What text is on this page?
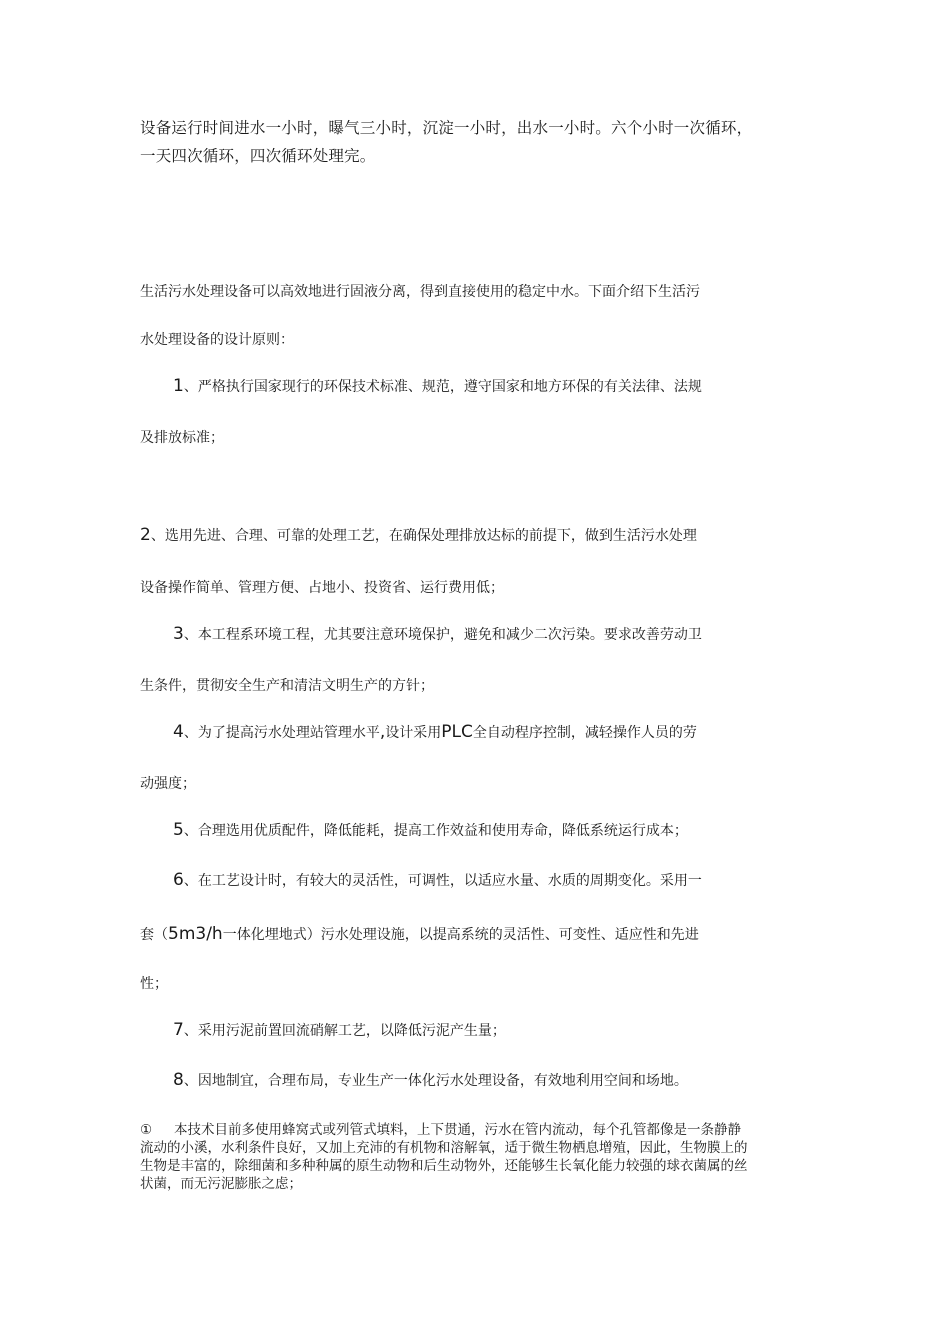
设备运行时间进水一小时，曝气三小时，沉淀一小时，出水一小时。六个小时一次循环，
一天四次循环，四次循环处理完。
生活污水处理设备可以高效地进行固液分离，得到直接使用的稳定中水。下面介绍下生活污
水处理设备的设计原则：
1、严格执行国家现行的环保技术标准、规范，遵守国家和地方环保的有关法律、法规
及排放标准；
2、选用先进、合理、可靠的处理工艺，在确保处理排放达标的前提下，做到生活污水处理
设备操作简单、管理方便、占地小、投资省、运行费用低；
3、本工程系环境工程，尤其要注意环境保护，避免和减少二次污染。要求改善劳动卫
生条件，贯彻安全生产和清洁文明生产的方针；
4、为了提高污水处理站管理水平,设计采用PLC全自动程序控制，减轻操作人员的劳
动强度；
5、合理选用优质配件，降低能耗，提高工作效益和使用寿命，降低系统运行成本；
6、在工艺设计时，有较大的灵活性，可调性，以适应水量、水质的周期变化。采用一
套（5m3/h一体化埋地式）污水处理设施，以提高系统的灵活性、可变性、适应性和先进
性；
7、采用污泥前置回流硝解工艺，以降低污泥产生量；
8、因地制宜，合理布局，专业生产一体化污水处理设备，有效地利用空间和场地。
① 本技术目前多使用蜂窝式或列管式填料，上下贯通，污水在管内流动，每个孔管都像是一条静静
流动的小溪，水利条件良好，又加上充沛的有机物和溶解氧，适于微生物栖息增殖，因此，生物膜上的
生物是丰富的，除细菌和多种种属的原生动物和后生动物外，还能够生长氧化能力较强的球衣菌属的丝
状菌，而无污泥膨胀之虑；
